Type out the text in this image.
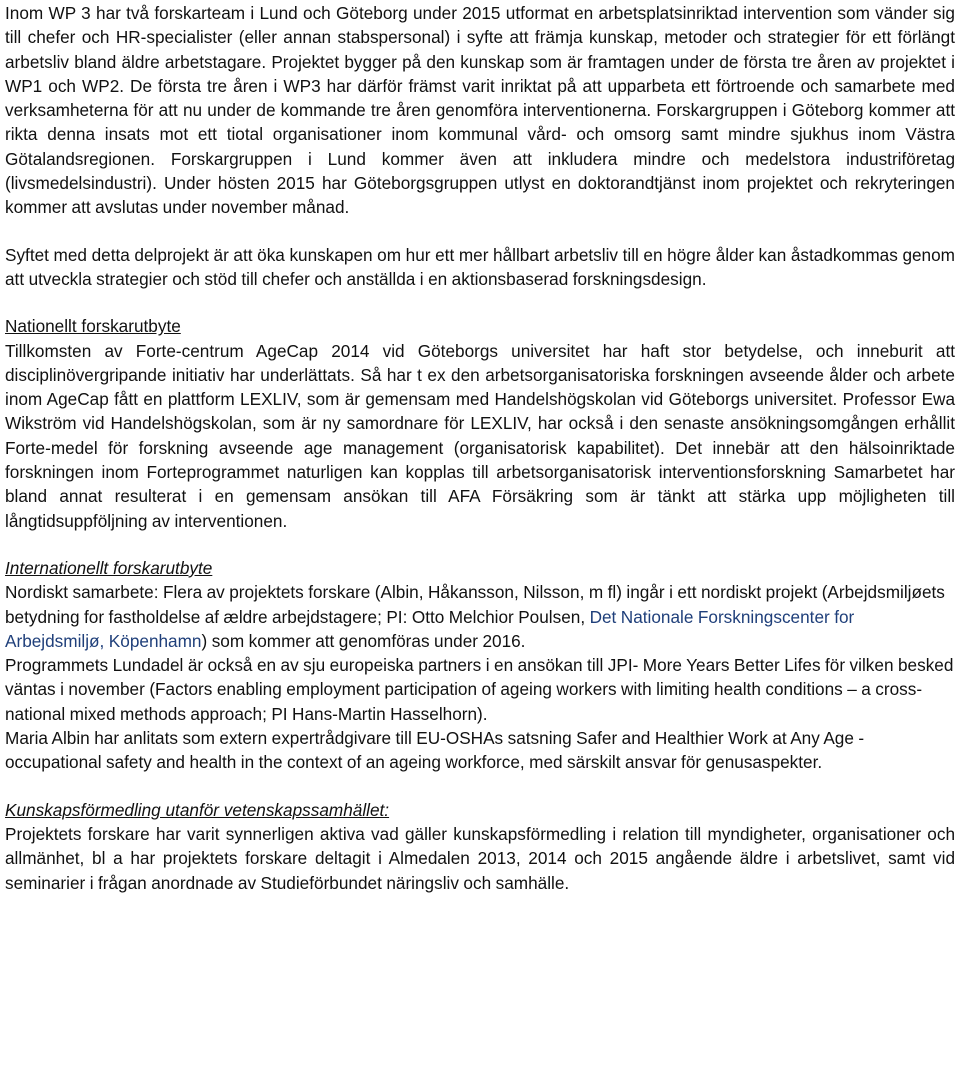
Inom WP 3 har två forskarteam i Lund och Göteborg under 2015 utformat en arbetsplatsinriktad intervention som vänder sig till chefer och HR-specialister (eller annan stabspersonal) i syfte att främja kunskap, metoder och strategier för ett förlängt arbetsliv bland äldre arbetstagare. Projektet bygger på den kunskap som är framtagen under de första tre åren av projektet i WP1 och WP2. De första tre åren i WP3 har därför främst varit inriktat på att upparbeta ett förtroende och samarbete med verksamheterna för att nu under de kommande tre åren genomföra interventionerna. Forskargruppen i Göteborg kommer att rikta denna insats mot ett tiotal organisationer inom kommunal vård- och omsorg samt mindre sjukhus inom Västra Götalandsregionen. Forskargruppen i Lund kommer även att inkludera mindre och medelstora industriföretag (livsmedelsindustri). Under hösten 2015 har Göteborgsgruppen utlyst en doktorandtjänst inom projektet och rekryteringen kommer att avslutas under november månad.

Syftet med detta delprojekt är att öka kunskapen om hur ett mer hållbart arbetsliv till en högre ålder kan åstadkommas genom att utveckla strategier och stöd till chefer och anställda i en aktionsbaserad forskningsdesign.

Nationellt forskarutbyte

Tillkomsten av Forte-centrum AgeCap 2014 vid Göteborgs universitet har haft stor betydelse, och inneburit att disciplinövergripande initiativ har underlättats. Så har t ex den arbetsorganisatoriska forskningen avseende ålder och arbete inom AgeCap fått en plattform LEXLIV, som är gemensam med Handelshögskolan vid Göteborgs universitet. Professor Ewa Wikström vid Handelshögskolan, som är ny samordnare för LEXLIV, har också i den senaste ansökningsomgången erhållit Forte-medel för forskning avseende age management (organisatorisk kapabilitet). Det innebär att den hälsoinriktade forskningen inom Forteprogrammet naturligen kan kopplas till arbetsorganisatorisk interventionsforskning Samarbetet har bland annat resulterat i en gemensam ansökan till AFA Försäkring som är tänkt att stärka upp möjligheten till långtidsuppföljning av interventionen.

Internationellt forskarutbyte

Nordiskt samarbete: Flera av projektets forskare (Albin, Håkansson, Nilsson, m fl) ingår i ett nordiskt projekt (Arbejdsmiljøets betydning for fastholdelse af ældre arbejdstagere; PI: Otto Melchior Poulsen, Det Nationale Forskningscenter for Arbejdsmiljø, Köpenhamn) som kommer att genomföras under 2016.

Programmets Lundadel är också en av sju europeiska partners i en ansökan till JPI- More Years Better Lifes för vilken besked väntas i november (Factors enabling employment participation of ageing workers with limiting health conditions – a cross-national mixed methods approach; PI Hans-Martin Hasselhorn).

Maria Albin har anlitats som extern expertrådgivare till EU-OSHAs satsning Safer and Healthier Work at Any Age - occupational safety and health in the context of an ageing workforce, med särskilt ansvar för genusaspekter.

Kunskapsförmedling utanför vetenskapssamhället:

Projektets forskare har varit synnerligen aktiva vad gäller kunskapsförmedling i relation till myndigheter, organisationer och allmänhet, bl a har projektets forskare deltagit i Almedalen 2013, 2014 och 2015 angående äldre i arbetslivet, samt vid seminarier i frågan anordnade av Studieförbundet näringsliv och samhälle.
